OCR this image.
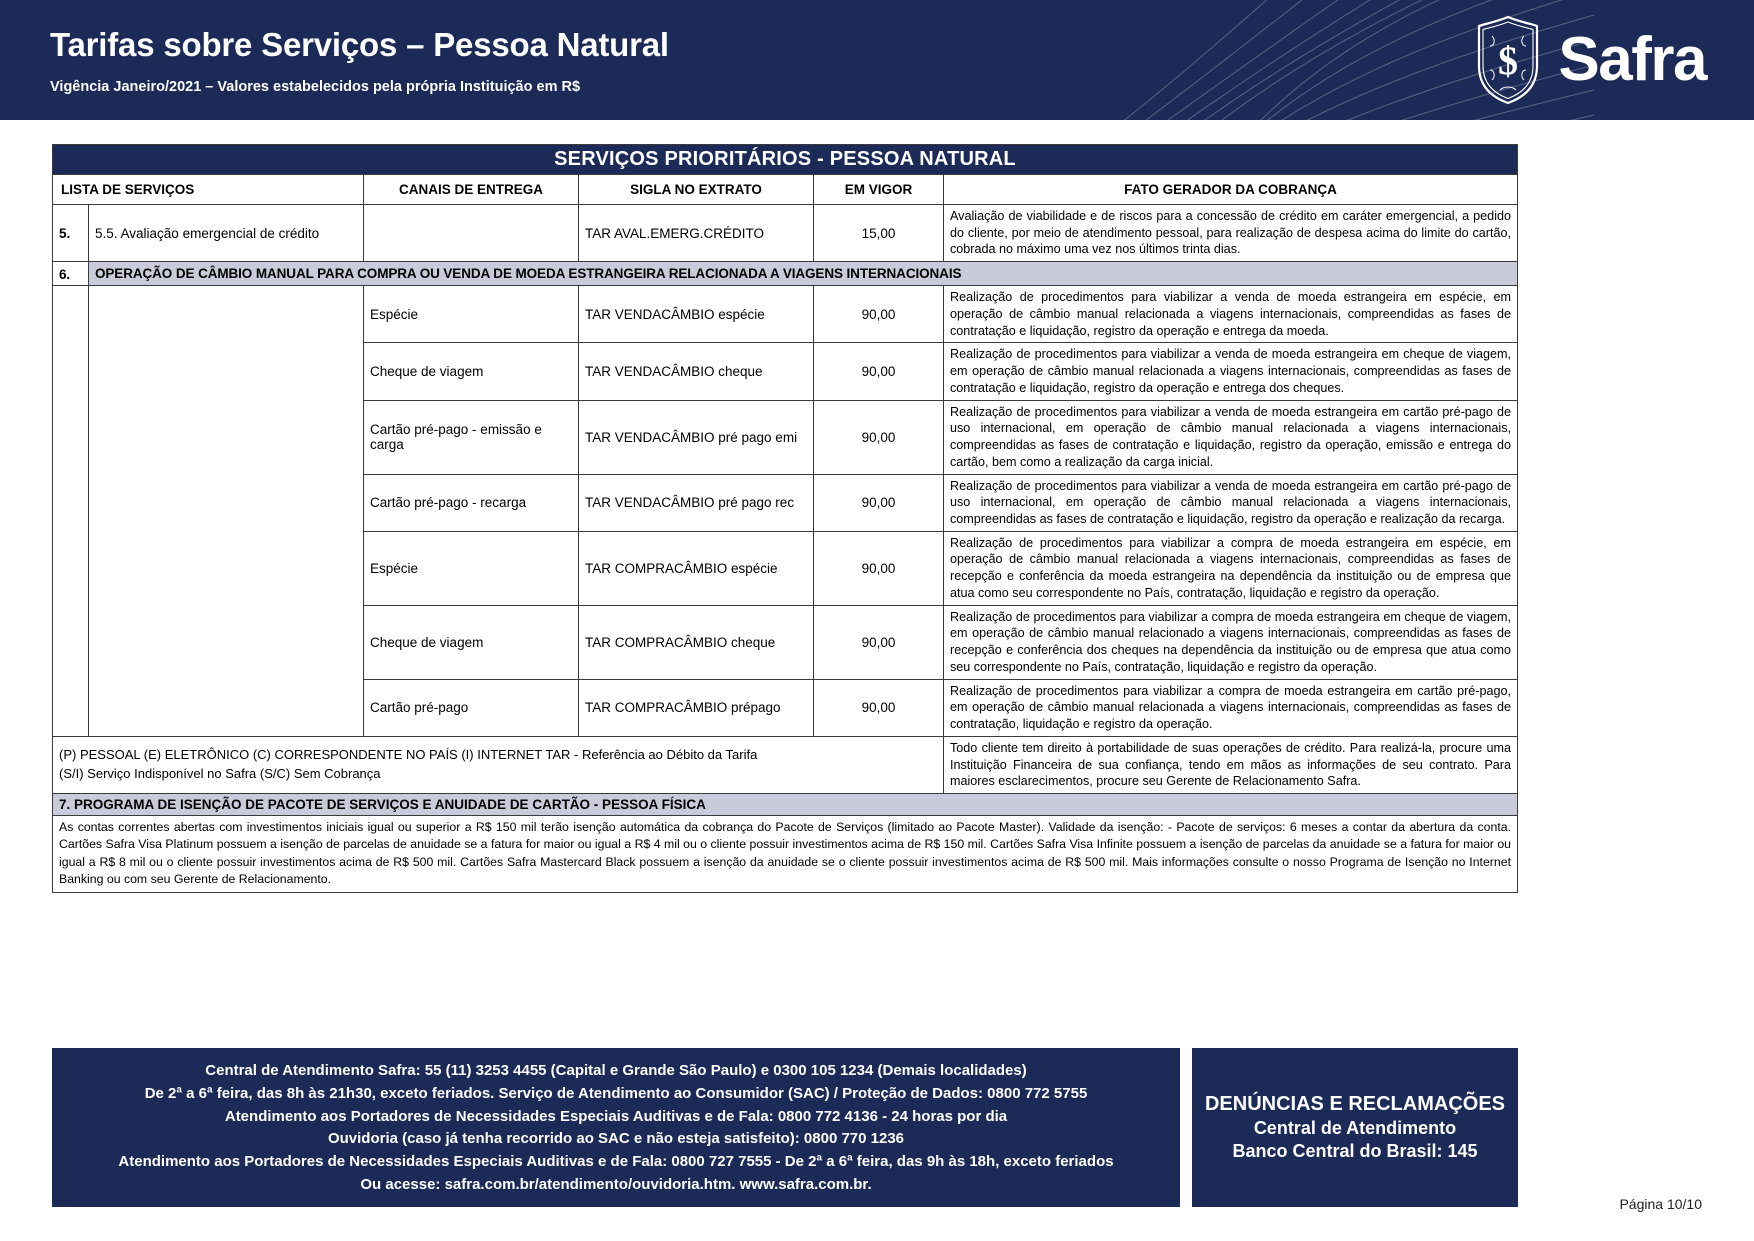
Tarifas sobre Serviços – Pessoa Natural
Vigência Janeiro/2021 – Valores estabelecidos pela própria Instituição em R$
$ Safra
SERVIÇOS PRIORITÁRIOS - PESSOA NATURAL					
LISTA DE SERVIÇOS		CANAIS DE ENTREGA	SIGLA NO EXTRATO	EM VIGOR	FATO GERADOR DA COBRANÇA
5.	5.5. Avaliação emergencial de crédito		TAR AVAL.EMERG.CRÉDITO	15,00	Avaliação de viabilidade e de riscos para a concessão de crédito em caráter emergencial, a pedido do cliente, por meio de atendimento pessoal, para realização de despesa acima do limite do cartão, cobrada no máximo uma vez nos últimos trinta dias.
6.	OPERAÇÃO DE CÂMBIO MANUAL PARA COMPRA OU VENDA DE MOEDA ESTRANGEIRA RELACIONADA A VIAGENS INTERNACIONAIS				
		Espécie	TAR VENDACÂMBIO espécie	90,00	Realização de procedimentos para viabilizar a venda de moeda estrangeira em espécie, em operação de câmbio manual relacionada a viagens internacionais, compreendidas as fases de contratação e liquidação, registro da operação e entrega da moeda.
		Cheque de viagem	TAR VENDACÂMBIO cheque	90,00	Realização de procedimentos para viabilizar a venda de moeda estrangeira em cheque de viagem, em operação de câmbio manual relacionada a viagens internacionais, compreendidas as fases de contratação e liquidação, registro da operação e entrega dos cheques.
		Cartão pré-pago - emissão e carga	TAR VENDACÂMBIO pré pago emi	90,00	Realização de procedimentos para viabilizar a venda de moeda estrangeira em cartão pré-pago de uso internacional, em operação de câmbio manual relacionada a viagens internacionais, compreendidas as fases de contratação e liquidação, registro da operação, emissão e entrega do cartão, bem como a realização da carga inicial.
		Cartão pré-pago - recarga	TAR VENDACÂMBIO pré pago rec	90,00	Realização de procedimentos para viabilizar a venda de moeda estrangeira em cartão pré-pago de uso internacional, em operação de câmbio manual relacionada a viagens internacionais, compreendidas as fases de contratação e liquidação, registro da operação e realização da recarga.
		Espécie	TAR COMPRACÂMBIO espécie	90,00	Realização de procedimentos para viabilizar a compra de moeda estrangeira em espécie, em operação de câmbio manual relacionada a viagens internacionais, compreendidas as fases de recepção e conferência da moeda estrangeira na dependência da instituição ou de empresa que atua como seu correspondente no País, contratação, liquidação e registro da operação.
		Cheque de viagem	TAR COMPRACÂMBIO cheque	90,00	Realização de procedimentos para viabilizar a compra de moeda estrangeira em cheque de viagem, em operação de câmbio manual relacionado a viagens internacionais, compreendidas as fases de recepção e conferência dos cheques na dependência da instituição ou de empresa que atua como seu correspondente no País, contratação, liquidação e registro da operação.
		Cartão pré-pago	TAR COMPRACÂMBIO prépago	90,00	Realização de procedimentos para viabilizar a compra de moeda estrangeira em cartão pré-pago, em operação de câmbio manual relacionada a viagens internacionais, compreendidas as fases de contratação, liquidação e registro da operação.

(P) PESSOAL (E) ELETRÔNICO (C) CORRESPONDENTE NO PAÍS (I) INTERNET TAR - Referência ao Débito da Tarifa
(S/I) Serviço Indisponível no Safra (S/C) Sem Cobrança					Todo cliente tem direito à portabilidade de suas operações de crédito. Para realizá-la, procure uma Instituição Financeira de sua confiança, tendo em mãos as informações de seu contrato. Para maiores esclarecimentos, procure seu Gerente de Relacionamento Safra.
7. PROGRAMA DE ISENÇÃO DE PACOTE DE SERVIÇOS E ANUIDADE DE CARTÃO - PESSOA FÍSICA					
As contas correntes abertas com investimentos iniciais igual ou superior a R$ 150 mil terão isenção automática da cobrança do Pacote de Serviços (limitado ao Pacote Master). Validade da isenção: - Pacote de serviços: 6 meses a contar da abertura da conta. Cartões Safra Visa Platinum possuem a isenção de parcelas de anuidade se a fatura for maior ou igual a R$ 4 mil ou o cliente possuir investimentos acima de R$ 150 mil. Cartões Safra Visa Infinite possuem a isenção de parcelas da anuidade se a fatura for maior ou igual a R$ 8 mil ou o cliente possuir investimentos acima de R$ 500 mil. Cartões Safra Mastercard Black possuem a isenção da anuidade se o cliente possuir investimentos acima de R$ 500 mil. Mais informações consulte o nosso Programa de Isenção no Internet Banking ou com seu Gerente de Relacionamento.					
Central de Atendimento Safra: 55 (11) 3253 4455 (Capital e Grande São Paulo) e 0300 105 1234 (Demais localidades)
De 2ª a 6ª feira, das 8h às 21h30, exceto feriados. Serviço de Atendimento ao Consumidor (SAC) / Proteção de Dados: 0800 772 5755
Atendimento aos Portadores de Necessidades Especiais Auditivas e de Fala: 0800 772 4136 - 24 horas por dia
Ouvidoria (caso já tenha recorrido ao SAC e não esteja satisfeito): 0800 770 1236
Atendimento aos Portadores de Necessidades Especiais Auditivas e de Fala: 0800 727 7555 - De 2ª a 6ª feira, das 9h às 18h, exceto feriados
Ou acesse: safra.com.br/atendimento/ouvidoria.htm. www.safra.com.br.
DENÚNCIAS E RECLAMAÇÕES
Central de Atendimento
Banco Central do Brasil: 145
Página 10/10
